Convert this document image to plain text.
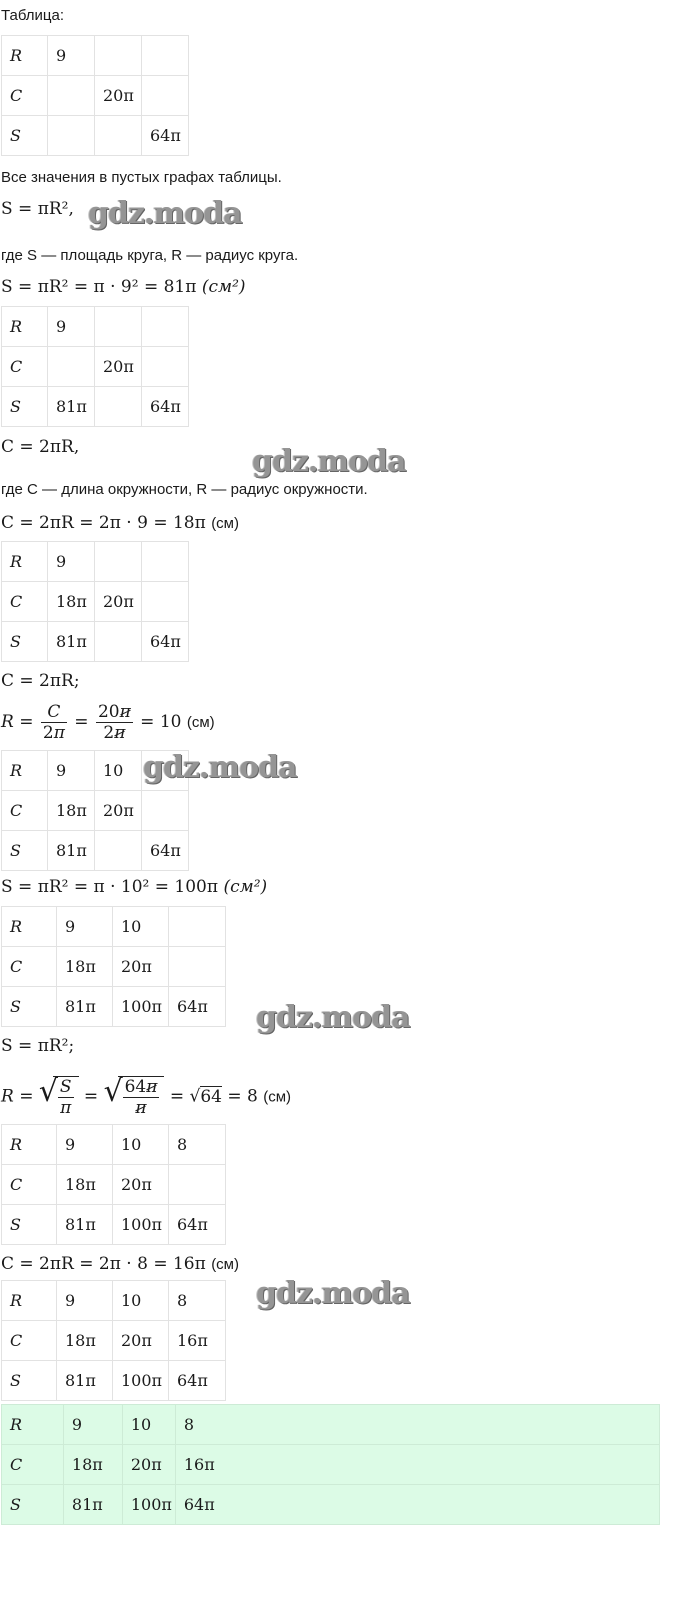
Таблица:
R	9		
C		20π	
S			64π
Все значения в пустых графах таблицы.
S = πR²,
где S — площадь круга, R — радиус круга.
S = πR² = π · 9² = 81π (см²)
R	9		
C		20π	
S	81π		64π
C = 2πR,
где C — длина окружности, R — радиус окружности.
C = 2πR = 2π · 9 = 18π (см)
R	9		
C	18π	20π	
S	81π		64π
C = 2πR;
$R = \frac{C}{2\pi} = \frac{20\pi}{2\pi} = 10$ (см)
R	9	10	
C	18π	20π	
S	81π		64π
S = πR² = π · 10² = 100π (см²)
R	9	10	
C	18π	20π	
S	81π	100π	64π
S = πR²;
R = √ $\frac{S}{\pi}$ = √ $\frac{64\pi}{\pi} = √64 = 8$ (см)
R	9	10	8
C	18π	20π	
S	81π	100π	64π
C = 2πR = 2π · 8 = 16π (см)
R	9	10	8
C	18π	20π	16π
S	81π	100π	64π
R	9	10	8
C	18π	20π	16π
S	81π	100π	64π
gdz.moda
gdz.moda
gdz.moda
gdz.moda
gdz.moda
